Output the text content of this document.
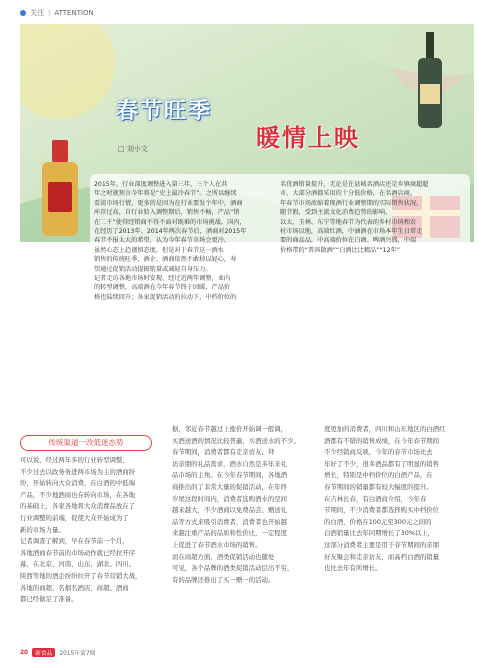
关注 | ATTENTION
春节旺季
暖情上映
□ 刘小文
2015年，行业深度调整进入第三年，三个人在共
年之时就预言今年将是“史上最冷春节”。之所以继续
看淡市场行情，更多的是因为在行业要发个年中，酒商
库存过高，自行业转入调整期后，销售不畅，产品“销
在二千”使得经销商不得不面对既难的市场挑战。国内，
在经历了2013年、2014年两次春节后，酒商对2015年
春节不报太大的希望，认为今年春节市场会更冷。
虽然心态上趋谨慎态度，但是对于春节这一酒水
销售的传统旺季，酒企、酒商依然不敢掉以轻心，寿
望通过促销活动提振销量或减轻自身压力。
记者走访各地市场时发现，经过近两年调整，业内
的转型调整，高端酒在今年春节终于回暖，产品价
格也陆续回升；各家促销活动的拉动下，中档价位的
名优酒销量提升，无论是在县城名酒店还是乡镇商超超
市，大部分酒都采用的十分低价格，在名酒店商。
年春节市场浓缩着现酒行业调整期的实际销售状况。
随节假，受到主流文化消费趋势的影响。
以太、玉林、东宁等地春节为代表的乡村市场和农
村市场以地，高端红酒，中涵酒在市场本年生日常走
要的商品品，中高端价位在白酒、啤酒兴盛，中端
价格带的“普洱散酒”“白酒比比精品”“12年”
传统渠道一改低迷态势
可以说，经过两年多的行业转型调整，
不少过去以政务务进两市场为主的酒商纷
纷，开始转向大众消费，在白酒的中低端
产品，不少地酒商也在转向市场，在各地
的基础上，各家各地将大众消费品放在了
行业调整的前端，促使大众开始成为了
新的市场力量。
记者调查了解到，早在春节前一个月，
各地酒商春节前的市场动作就已经拉开序
幕，在北京、河南、山东、湖北、四川、
陕西等地的酒企纷纷拉开了春节营销大战，
各地的商超、名烟名酒店、商超、酒商
都已经做足了准备。
据，邻近春节越过上涨价开始调一般调，
买酒送酒的情况比较普遍，买酒送水的不少。
春节期间，消费者都有走亲访友、拜
访亲朋的礼品需求，酒水自然是多年来礼
品市场的主角。在今年春节期间，各地酒
商推出的了非常大量的促销活动，在年终
岁尾这段时间内，消费者选购酒水的空间
越来越大，不少酒商以免费品尝、赠送礼
品等方式来吸引消费者，消费者也开始越
来越注重产品的品质和性价比，一定程度
上促进了春节酒水市场的销售。
而在商超方面，酒类促销活动也随处
可见，各个品牌的酒类促销活动层出不穷，
有的品牌还推出了买一赠一的活动。
度更加的消费者，四川和山东地区的白酒红
酒都有不错的销售成绩，在今年春节期间
不少经销商反映，今年的春节市场比去
年好了不少，很多酒品都有了明显的销售
增长，特别是中档价位的白酒产品，在
春节期间的销量都有较大幅度的提升。
在吉林长春，有白酒商介绍，今年春
节期间，不少消费者都选择购买中档价位
的白酒，价格在100元至300元之间的
白酒销量比去年同期增长了30%以上，
这部分消费者主要是用于春节期间的亲朋
好友聚会和走亲访友，而高档白酒的销量
也比去年有所增长。
20	新食品	2015年第7期
